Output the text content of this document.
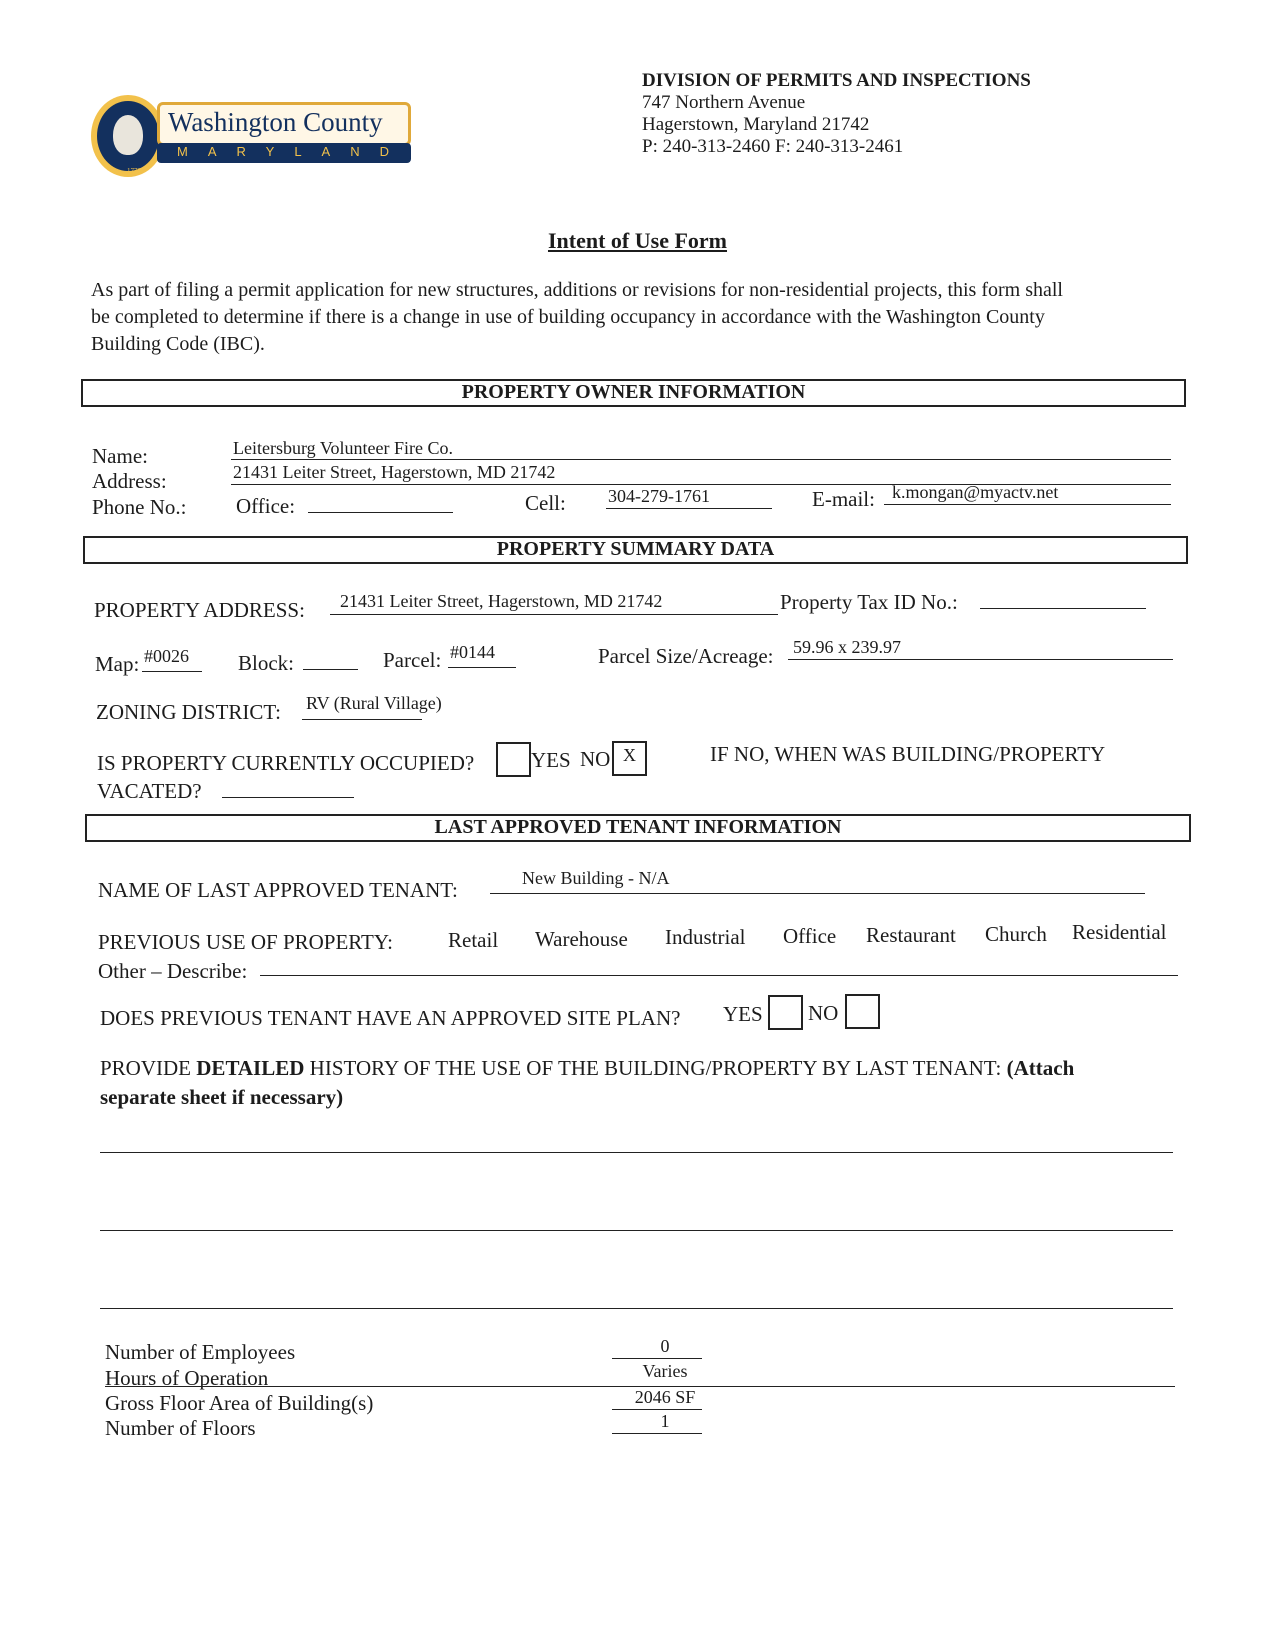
1776
Washington County
MARYLAND
DIVISION OF PERMITS AND INSPECTIONS
747 Northern Avenue
Hagerstown, Maryland 21742
P: 240-313-2460 F: 240-313-2461
Intent of Use Form
As part of filing a permit application for new structures, additions or revisions for non-residential projects, this form shall
be completed to determine if there is a change in use of building occupancy in accordance with the Washington County
Building Code (IBC).
PROPERTY OWNER INFORMATION
Name:	Leitersburg Volunteer Fire Co.
Address:	21431 Leiter Street, Hagerstown, MD 21742
Phone No.: Office:	Cell: 304-279-1761	E-mail: k.mongan@myactv.net
PROPERTY SUMMARY DATA
PROPERTY ADDRESS: 21431 Leiter Street, Hagerstown, MD 21742	Property Tax ID No.:
Map: #0026 Block:	Parcel: #0144	Parcel Size/Acreage: 59.96 x 239.97
ZONING DISTRICT: RV (Rural Village)
IS PROPERTY CURRENTLY OCCUPIED?	YES NO X	IF NO, WHEN WAS BUILDING/PROPERTY
VACATED?
LAST APPROVED TENANT INFORMATION
NAME OF LAST APPROVED TENANT:	New Building - N/A
PREVIOUS USE OF PROPERTY:	Retail Warehouse Industrial Office Restaurant Church Residential
Other – Describe:
DOES PREVIOUS TENANT HAVE AN APPROVED SITE PLAN? YES NO
PROVIDE DETAILED HISTORY OF THE USE OF THE BUILDING/PROPERTY BY LAST TENANT: (Attach
separate sheet if necessary)
Number of Employees	0
Hours of Operation	Varies
Gross Floor Area of Building(s)	2046 SF
Number of Floors	1
